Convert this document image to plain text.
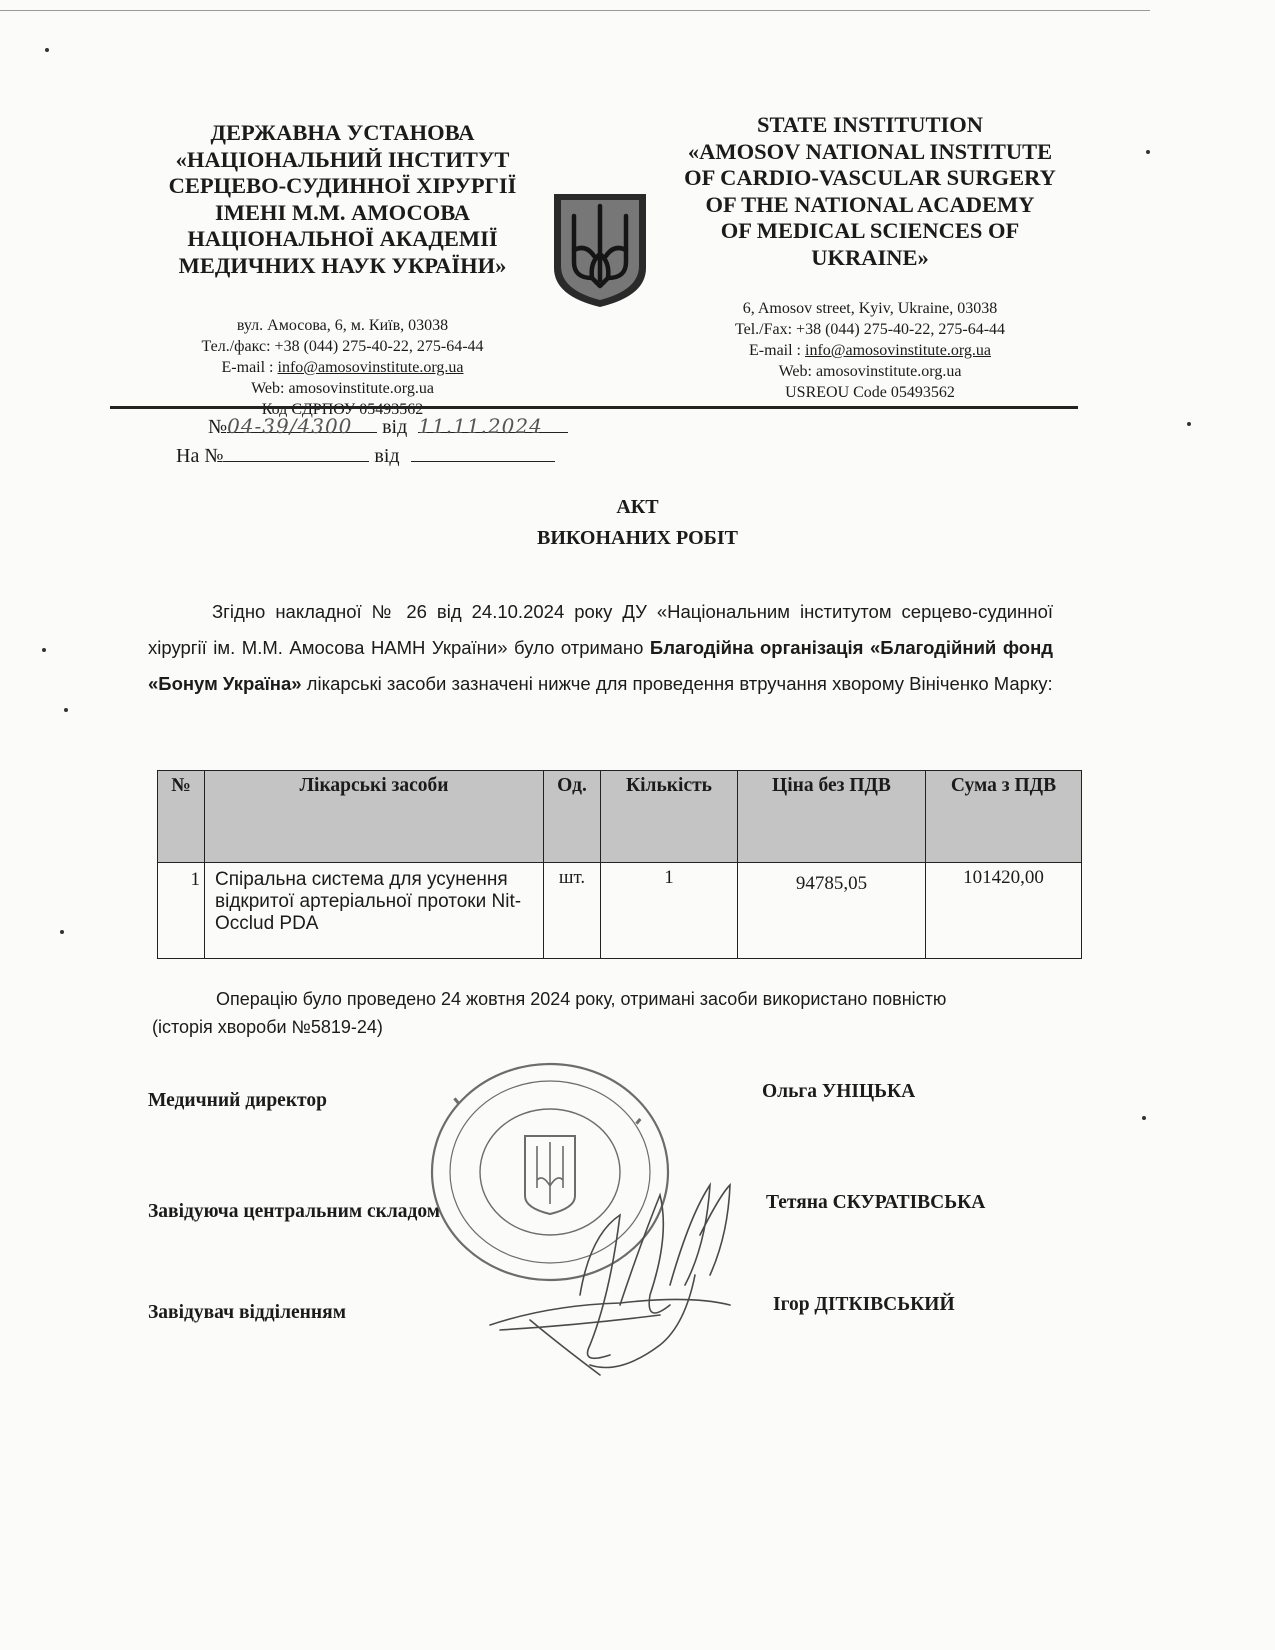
ДЕРЖАВНА УСТАНОВА
«НАЦІОНАЛЬНИЙ ІНСТИТУТ
СЕРЦЕВО-СУДИННОЇ ХІРУРГІЇ
ІМЕНІ М.М. АМОСОВА
НАЦІОНАЛЬНОЇ АКАДЕМІЇ
МЕДИЧНИХ НАУК УКРАЇНИ»
вул. Амосова, 6, м. Київ, 03038
Тел./факс: +38 (044) 275-40-22, 275-64-44
E-mail : info@amosovinstitute.org.ua
Web: amosovinstitute.org.ua
Код ЄДРПОУ 05493562
STATE INSTITUTION
«AMOSOV NATIONAL INSTITUTE
OF CARDIO-VASCULAR SURGERY
OF THE NATIONAL ACADEMY
OF MEDICAL SCIENCES OF
UKRAINE»
6, Amosov street, Kyiv, Ukraine, 03038
Tel./Fax: +38 (044) 275-40-22, 275-64-44
E-mail : info@amosovinstitute.org.ua
Web: amosovinstitute.org.ua
USREOU Code 05493562
№04-39/4300 від 11.11.2024
На №	від
АКТ
ВИКОНАНИХ РОБІТ
Згідно накладної № 26 від 24.10.2024 року ДУ «Національним інститутом серцево-судинної хірургії ім. М.М. Амосова НАМН України» було отримано Благодійна організація «Благодійний фонд «Бонум Україна» лікарські засоби зазначені нижче для проведення втручання хворому Вініченко Марку:
№	Лікарські засоби	Од.	Кількість	Ціна без ПДВ	Сума з ПДВ
1	Спіральна система для усунення відкритої артеріальної протоки Nit-Occlud PDA	шт.	1	94785,05	101420,00
Операцію було проведено 24 жовтня 2024 року, отримані засоби використано повністю (історія хвороби №5819-24)
Медичний директор	Ольга УНІЦЬКА
Завідуюча центральним складом	Тетяна СКУРАТІВСЬКА
Завідувач відділенням	Ігор ДІТКІВСЬКИЙ
